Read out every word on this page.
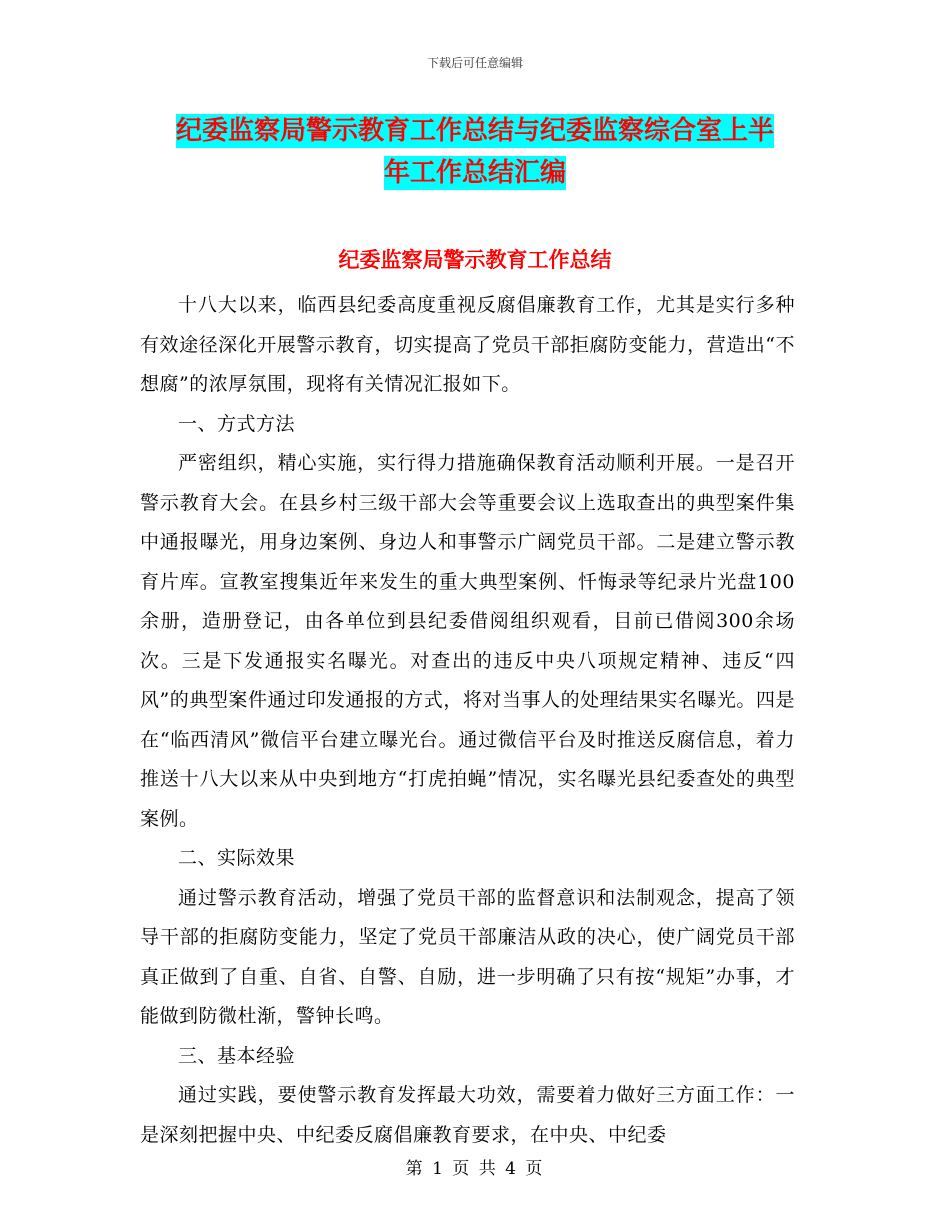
下载后可任意编辑
纪委监察局警示教育工作总结与纪委监察综合室上半
年工作总结汇编
纪委监察局警示教育工作总结

十八大以来，临西县纪委高度重视反腐倡廉教育工作，尤其是实行多种有效途径深化开展警示教育，切实提高了党员干部拒腐防变能力，营造出“不想腐”的浓厚氛围，现将有关情况汇报如下。

一、方式方法

严密组织，精心实施，实行得力措施确保教育活动顺利开展。一是召开警示教育大会。在县乡村三级干部大会等重要会议上选取查出的典型案件集中通报曝光，用身边案例、身边人和事警示广阔党员干部。二是建立警示教育片库。宣教室搜集近年来发生的重大典型案例、忏悔录等纪录片光盘100余册，造册登记，由各单位到县纪委借阅组织观看，目前已借阅300余场次。三是下发通报实名曝光。对查出的违反中央八项规定精神、违反“四风”的典型案件通过印发通报的方式，将对当事人的处理结果实名曝光。四是在“临西清风”微信平台建立曝光台。通过微信平台及时推送反腐信息，着力推送十八大以来从中央到地方“打虎拍蝇”情况，实名曝光县纪委查处的典型案例。

二、实际效果

通过警示教育活动，增强了党员干部的监督意识和法制观念，提高了领导干部的拒腐防变能力，坚定了党员干部廉洁从政的决心，使广阔党员干部真正做到了自重、自省、自警、自励，进一步明确了只有按“规矩”办事，才能做到防微杜渐，警钟长鸣。

三、基本经验

通过实践，要使警示教育发挥最大功效，需要着力做好三方面工作：一是深刻把握中央、中纪委反腐倡廉教育要求，在中央、中纪委

第 1 页 共 4 页
